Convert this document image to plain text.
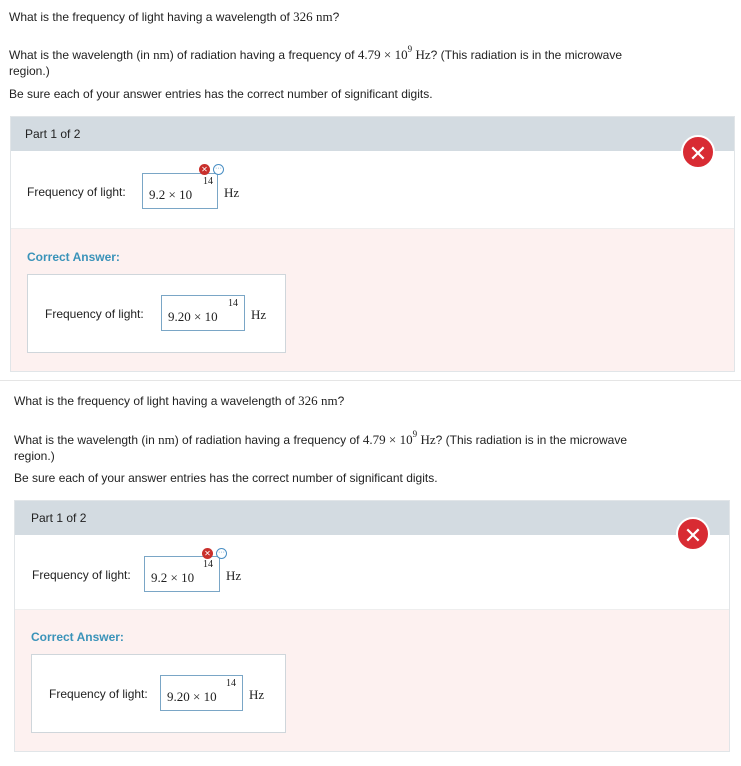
What is the frequency of light having a wavelength of 326 nm?
What is the wavelength (in nm) of radiation having a frequency of $4.79 \times 10^9$ Hz? (This radiation is in the microwave
region.)
Be sure each of your answer entries has the correct number of significant digits.
Part 1 of 2
Frequency of light: 9.2 × 10
14
✕	···
Hz
Correct Answer:
Frequency of light: 9.20 × 10
14
Hz
✕
What is the frequency of light having a wavelength of 326 nm?
What is the wavelength (in nm) of radiation having a frequency of $4.79 \times 10^9$ Hz? (This radiation is in the microwave
region.)
Be sure each of your answer entries has the correct number of significant digits.
Part 1 of 2
Frequency of light: 9.2 × 10
14
✕	···
Hz
Correct Answer:
Frequency of light: 9.20 × 10
14
Hz
✕
